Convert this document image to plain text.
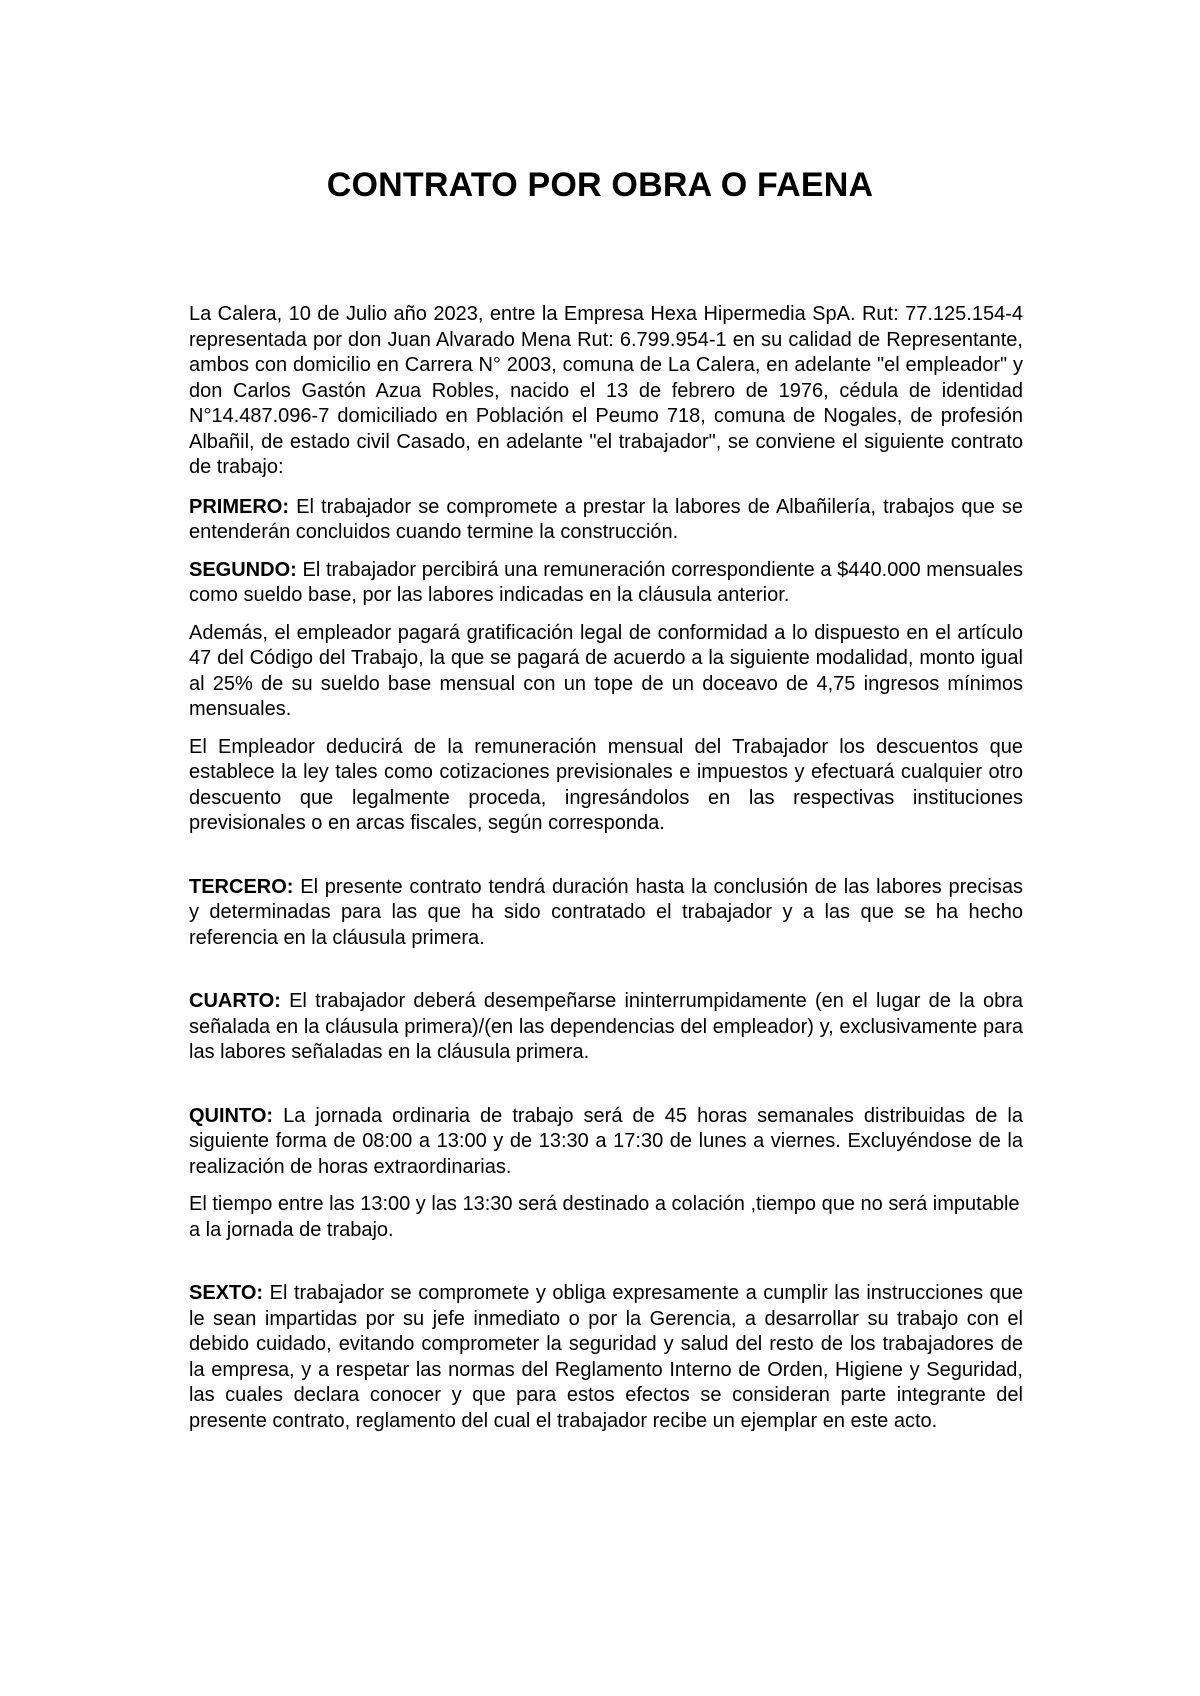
CONTRATO POR OBRA O FAENA

La Calera, 10 de Julio año 2023, entre la Empresa Hexa Hipermedia SpA. Rut: 77.125.154-4 representada por don Juan Alvarado Mena Rut: 6.799.954-1 en su calidad de Representante, ambos con domicilio en Carrera N° 2003, comuna de La Calera, en adelante "el empleador" y don Carlos Gastón Azua Robles, nacido el 13 de febrero de 1976, cédula de identidad N°14.487.096-7 domiciliado en Población el Peumo 718, comuna de Nogales, de profesión Albañil, de estado civil Casado, en adelante "el trabajador", se conviene el siguiente contrato de trabajo:

PRIMERO: El trabajador se compromete a prestar la labores de Albañilería, trabajos que se entenderán concluidos cuando termine la construcción.

SEGUNDO: El trabajador percibirá una remuneración correspondiente a $440.000 mensuales como sueldo base, por las labores indicadas en la cláusula anterior.

Además, el empleador pagará gratificación legal de conformidad a lo dispuesto en el artículo 47 del Código del Trabajo, la que se pagará de acuerdo a la siguiente modalidad, monto igual al 25% de su sueldo base mensual con un tope de un doceavo de 4,75 ingresos mínimos mensuales.

El Empleador deducirá de la remuneración mensual del Trabajador los descuentos que establece la ley tales como cotizaciones previsionales e impuestos y efectuará cualquier otro descuento que legalmente proceda, ingresándolos en las respectivas instituciones previsionales o en arcas fiscales, según corresponda.

TERCERO: El presente contrato tendrá duración hasta la conclusión de las labores precisas y determinadas para las que ha sido contratado el trabajador y a las que se ha hecho referencia en la cláusula primera.

CUARTO: El trabajador deberá desempeñarse ininterrumpidamente (en el lugar de la obra señalada en la cláusula primera)/(en las dependencias del empleador) y, exclusivamente para las labores señaladas en la cláusula primera.

QUINTO: La jornada ordinaria de trabajo será de 45 horas semanales distribuidas de la siguiente forma de 08:00 a 13:00 y de 13:30 a 17:30 de lunes a viernes. Excluyéndose de la realización de horas extraordinarias.

El tiempo entre las 13:00 y las 13:30 será destinado a colación ,tiempo que no será imputable a la jornada de trabajo.

SEXTO: El trabajador se compromete y obliga expresamente a cumplir las instrucciones que le sean impartidas por su jefe inmediato o por la Gerencia, a desarrollar su trabajo con el debido cuidado, evitando comprometer la seguridad y salud del resto de los trabajadores de la empresa, y a respetar las normas del Reglamento Interno de Orden, Higiene y Seguridad, las cuales declara conocer y que para estos efectos se consideran parte integrante del presente contrato, reglamento del cual el trabajador recibe un ejemplar en este acto.
